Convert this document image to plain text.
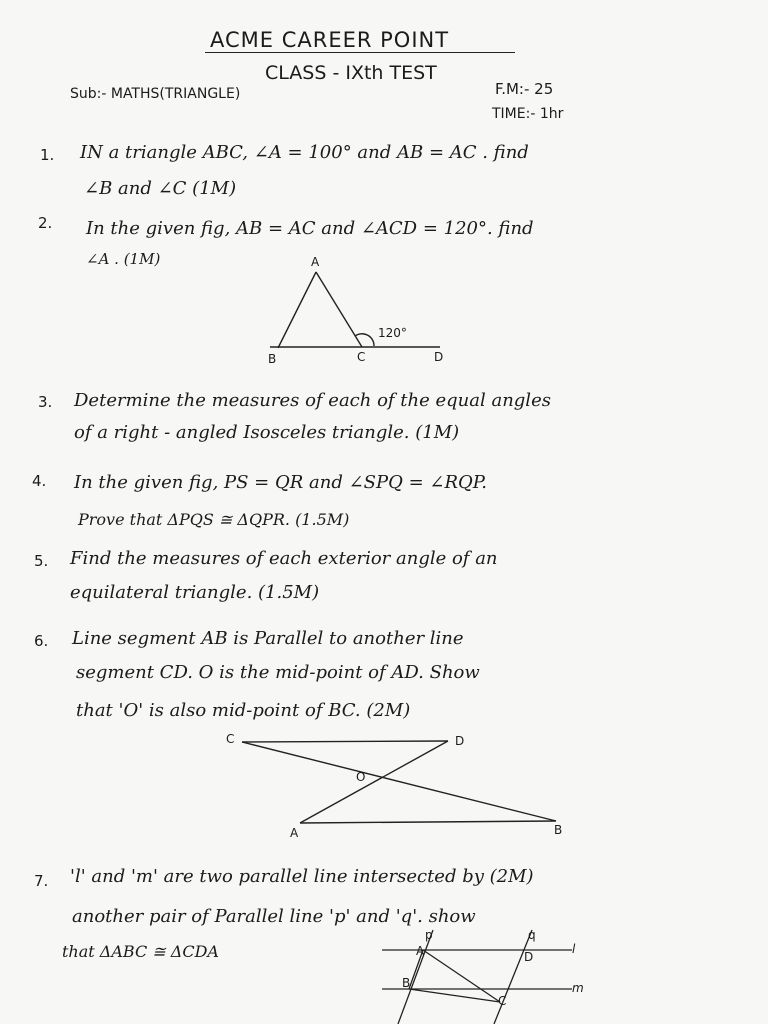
ACME CAREER POINT
CLASS - IXth TEST
Sub:- MATHS(TRIANGLE)	F.M:- 25
TIME:- 1hr
1. IN a triangle ABC, ∠A = 100° and AB = AC . find
∠B and ∠C (1M)
2. In the given fig, AB = AC and ∠ACD = 120°. find
∠A . (1M)	A
B	C	D
120°
3. Determine the measures of each of the equal angles
of a right - angled Isosceles triangle. (1M)
4. In the given fig, PS = QR and ∠SPQ = ∠RQP.
Prove that ΔPQS ≅ ΔQPR. (1.5M)
5. Find the measures of each exterior angle of an
equilateral triangle. (1.5M)
6. Line segment AB is Parallel to another line
segment CD. O is the mid-point of AD. Show
that 'O' is also mid-point of BC. (2M)
C	D
O
A	B
7. 'l' and 'm' are two parallel line intersected by (2M)
another pair of Parallel line 'p' and 'q'. show
that ΔABC ≅ ΔCDA
p	q
A	D
B
C
l
m
